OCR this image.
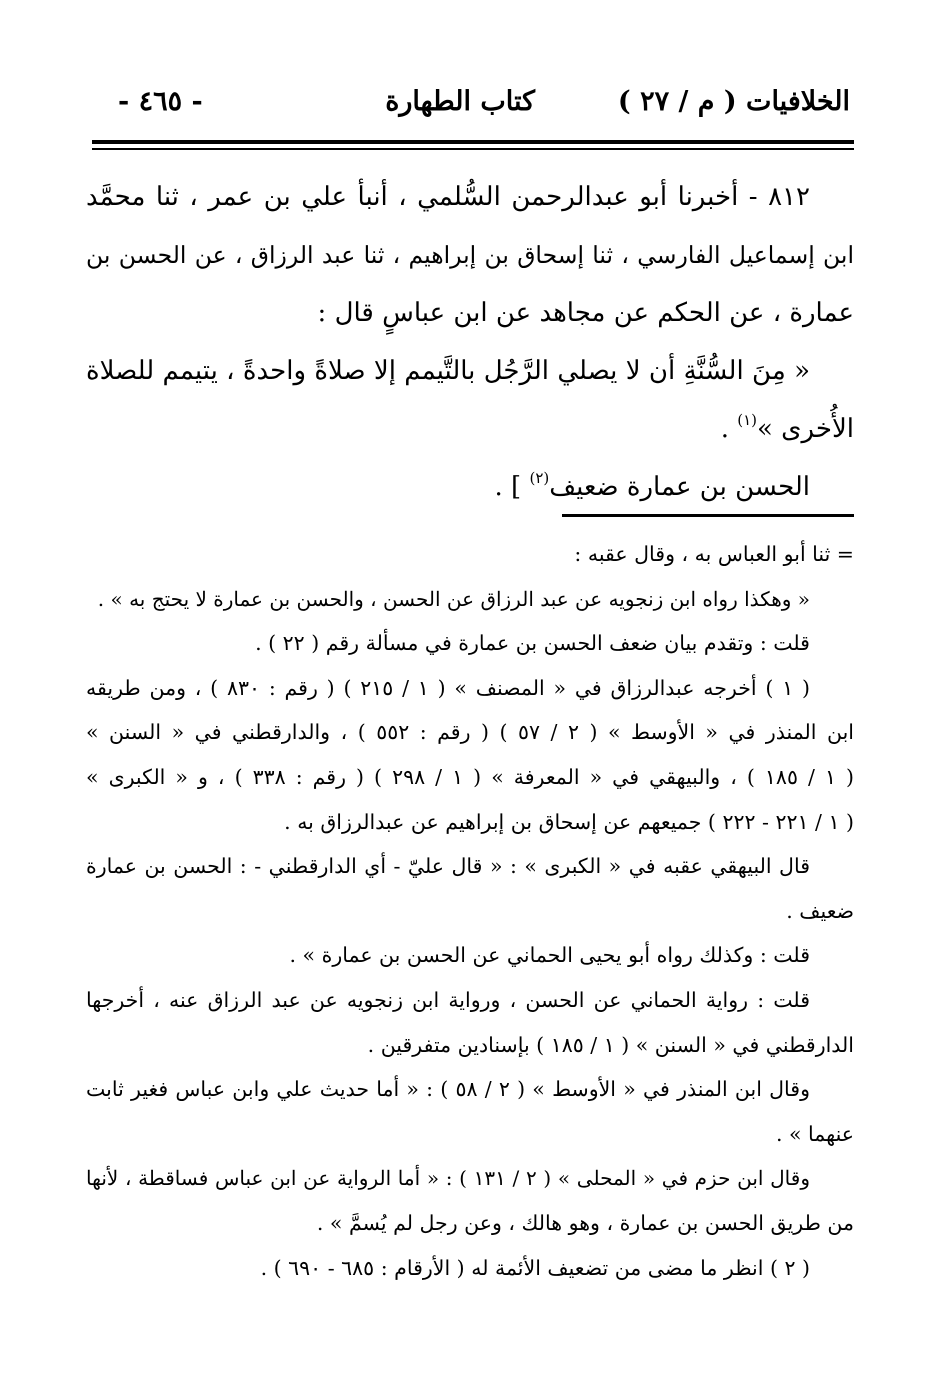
الخلافيات ( م / ٢٧ )
كتاب الطهارة
- ٤٦٥ -
٨١٢ - أخبرنا أبو عبدالرحمن السُّلمي ، أنبأ علي بن عمر ، ثنا محمَّد
ابن إسماعيل الفارسي ، ثنا إسحاق بن إبراهيم ، ثنا عبد الرزاق ، عن الحسن بن
عمارة ، عن الحكم عن مجاهد عن ابن عباسٍ قال :
« مِنَ السُّنَّةِ أن لا يصلي الرَّجُل بالتَّيمم إلا صلاةً واحدةً ، يتيمم للصلاة
الأُخرى »$^{(١)}$ .
الحسن بن عمارة ضعيف$^{(٢)}$ ] .
= ثنا أبو العباس به ، وقال عقبه :
« وهكذا رواه ابن زنجويه عن عبد الرزاق عن الحسن ، والحسن بن عمارة لا يحتج به » .
قلت : وتقدم بيان ضعف الحسن بن عمارة في مسألة رقم ( ٢٢ ) .
( ١ ) أخرجه عبدالرزاق في « المصنف » ( ١ / ٢١٥ ) ( رقم : ٨٣٠ ) ، ومن طريقه
ابن المنذر في « الأوسط » ( ٢ / ٥٧ ) ( رقم : ٥٥٢ ) ، والدارقطني في « السنن »
( ١ / ١٨٥ ) ، والبيهقي في « المعرفة » ( ١ / ٢٩٨ ) ( رقم : ٣٣٨ ) ، و « الكبرى »
( ١ / ٢٢١ - ٢٢٢ ) جميعهم عن إسحاق بن إبراهيم عن عبدالرزاق به .
قال البيهقي عقبه في « الكبرى » : « قال عليّ - أي الدارقطني - : الحسن بن عمارة
ضعيف .
قلت : وكذلك رواه أبو يحيى الحماني عن الحسن بن عمارة » .
قلت : رواية الحماني عن الحسن ، ورواية ابن زنجويه عن عبد الرزاق عنه ، أخرجها
الدارقطني في « السنن » ( ١ / ١٨٥ ) بإسنادين متفرقين .
وقال ابن المنذر في « الأوسط » ( ٢ / ٥٨ ) : « أما حديث علي وابن عباس فغير ثابت
عنهما » .
وقال ابن حزم في « المحلى » ( ٢ / ١٣١ ) : « أما الرواية عن ابن عباس فساقطة ، لأنها
من طريق الحسن بن عمارة ، وهو هالك ، وعن رجل لم يُسمَّ » .
( ٢ ) انظر ما مضى من تضعيف الأئمة له ( الأرقام : ٦٨٥ - ٦٩٠ ) .
